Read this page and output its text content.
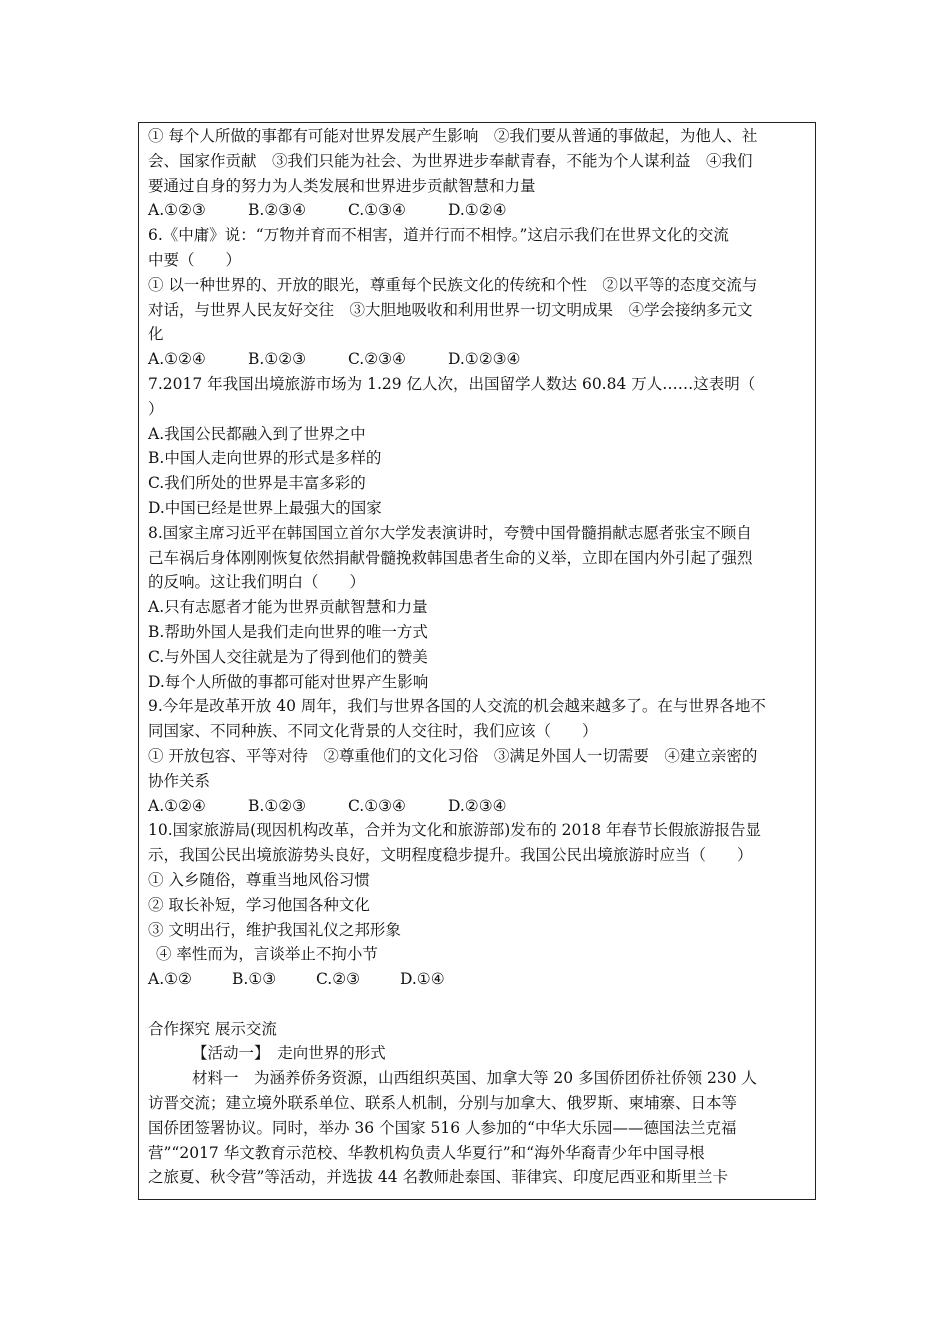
① 每个人所做的事都有可能对世界发展产生影响　②我们要从普通的事做起，为他人、社
会、国家作贡献　③我们只能为社会、为世界进步奉献青春，不能为个人谋利益　④我们
要通过自身的努力为人类发展和世界进步贡献智慧和力量
A.①②③	B.②③④	C.①③④	D.①②④
6.《中庸》说：“万物并育而不相害，道并行而不相悖。”这启示我们在世界文化的交流
中要（　　）
① 以一种世界的、开放的眼光，尊重每个民族文化的传统和个性　②以平等的态度交流与
对话，与世界人民友好交往　③大胆地吸收和利用世界一切文明成果　④学会接纳多元文
化
A.①②④	B.①②③	C.②③④	D.①②③④
7.2017 年我国出境旅游市场为 1.29 亿人次，出国留学人数达 60.84 万人……这表明（
）
A.我国公民都融入到了世界之中
B.中国人走向世界的形式是多样的
C.我们所处的世界是丰富多彩的
D.中国已经是世界上最强大的国家
8.国家主席习近平在韩国国立首尔大学发表演讲时，夸赞中国骨髓捐献志愿者张宝不顾自
己车祸后身体刚刚恢复依然捐献骨髓挽救韩国患者生命的义举，立即在国内外引起了强烈
的反响。这让我们明白（　　）
A.只有志愿者才能为世界贡献智慧和力量
B.帮助外国人是我们走向世界的唯一方式
C.与外国人交往就是为了得到他们的赞美
D.每个人所做的事都可能对世界产生影响
9.今年是改革开放 40 周年，我们与世界各国的人交流的机会越来越多了。在与世界各地不
同国家、不同种族、不同文化背景的人交往时，我们应该（　　）
① 开放包容、平等对待　②尊重他们的文化习俗　③满足外国人一切需要　④建立亲密的
协作关系
A.①②④	B.①②③	C.①③④	D.②③④
10.国家旅游局(现因机构改革，合并为文化和旅游部)发布的 2018 年春节长假旅游报告显
示，我国公民出境旅游势头良好，文明程度稳步提升。我国公民出境旅游时应当（　　）
① 入乡随俗，尊重当地风俗习惯
② 取长补短，学习他国各种文化
③ 文明出行，维护我国礼仪之邦形象
④ 率性而为，言谈举止不拘小节
A.①②	B.①③	C.②③	D.①④
合作探究 展示交流
【活动一】　走向世界的形式
材料一　为涵养侨务资源，山西组织英国、加拿大等 20 多国侨团侨社侨领 230 人
访晋交流；建立境外联系单位、联系人机制，分别与加拿大、俄罗斯、柬埔寨、日本等
国侨团签署协议。同时，举办 36 个国家 516 人参加的“中华大乐园——德国法兰克福
营”“2017 华文教育示范校、华教机构负责人华夏行”和“海外华裔青少年中国寻根
之旅夏、秋令营”等活动，并选拔 44 名教师赴泰国、菲律宾、印度尼西亚和斯里兰卡
